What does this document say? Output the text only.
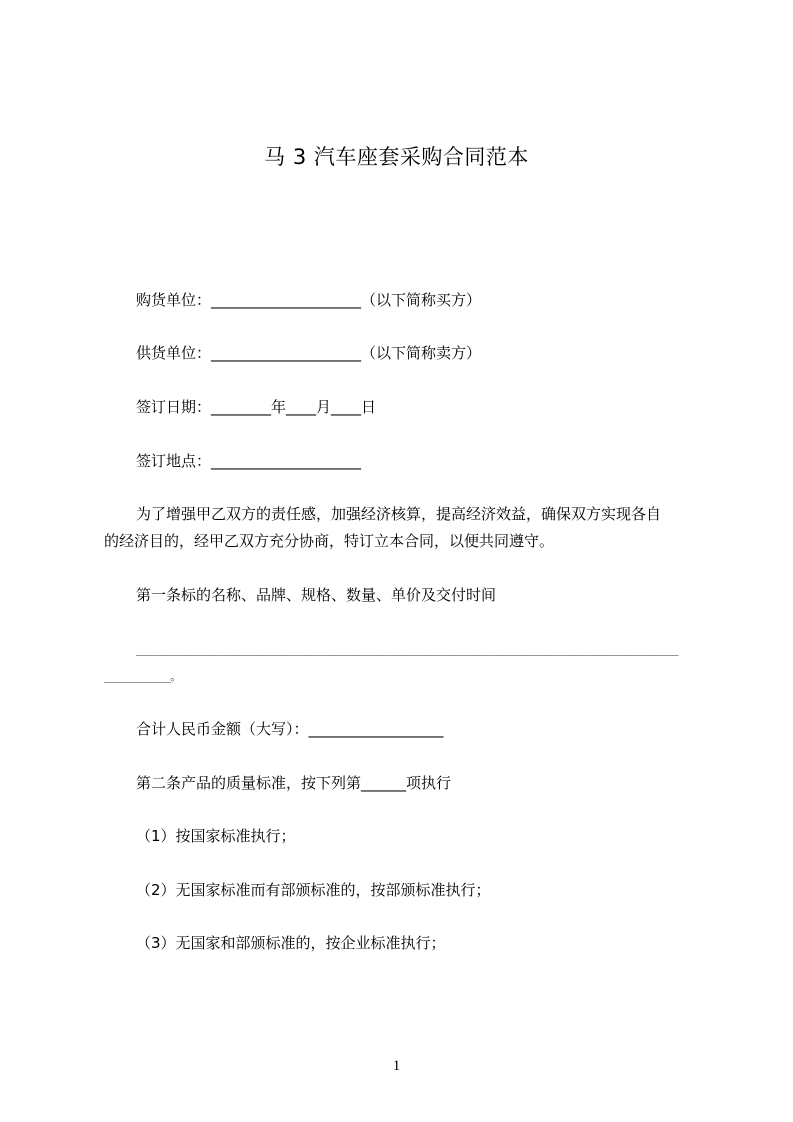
马 3 汽车座套采购合同范本
购货单位：____________________（以下简称买方）
供货单位：____________________（以下简称卖方）
签订日期：________年____月____日
签订地点：____________________
为了增强甲乙双方的责任感，加强经济核算，提高经济效益，确保双方实现各自
的经济目的，经甲乙双方充分协商，特订立本合同，以便共同遵守。
第一条标的名称、品牌、规格、数量、单价及交付时间
__________________________________________________________________________________________
___________。
合计人民币金额（大写）：__________________
第二条产品的质量标准，按下列第______项执行
（1）按国家标准执行；
（2）无国家标准而有部颁标准的，按部颁标准执行；
（3）无国家和部颁标准的，按企业标准执行；
1
